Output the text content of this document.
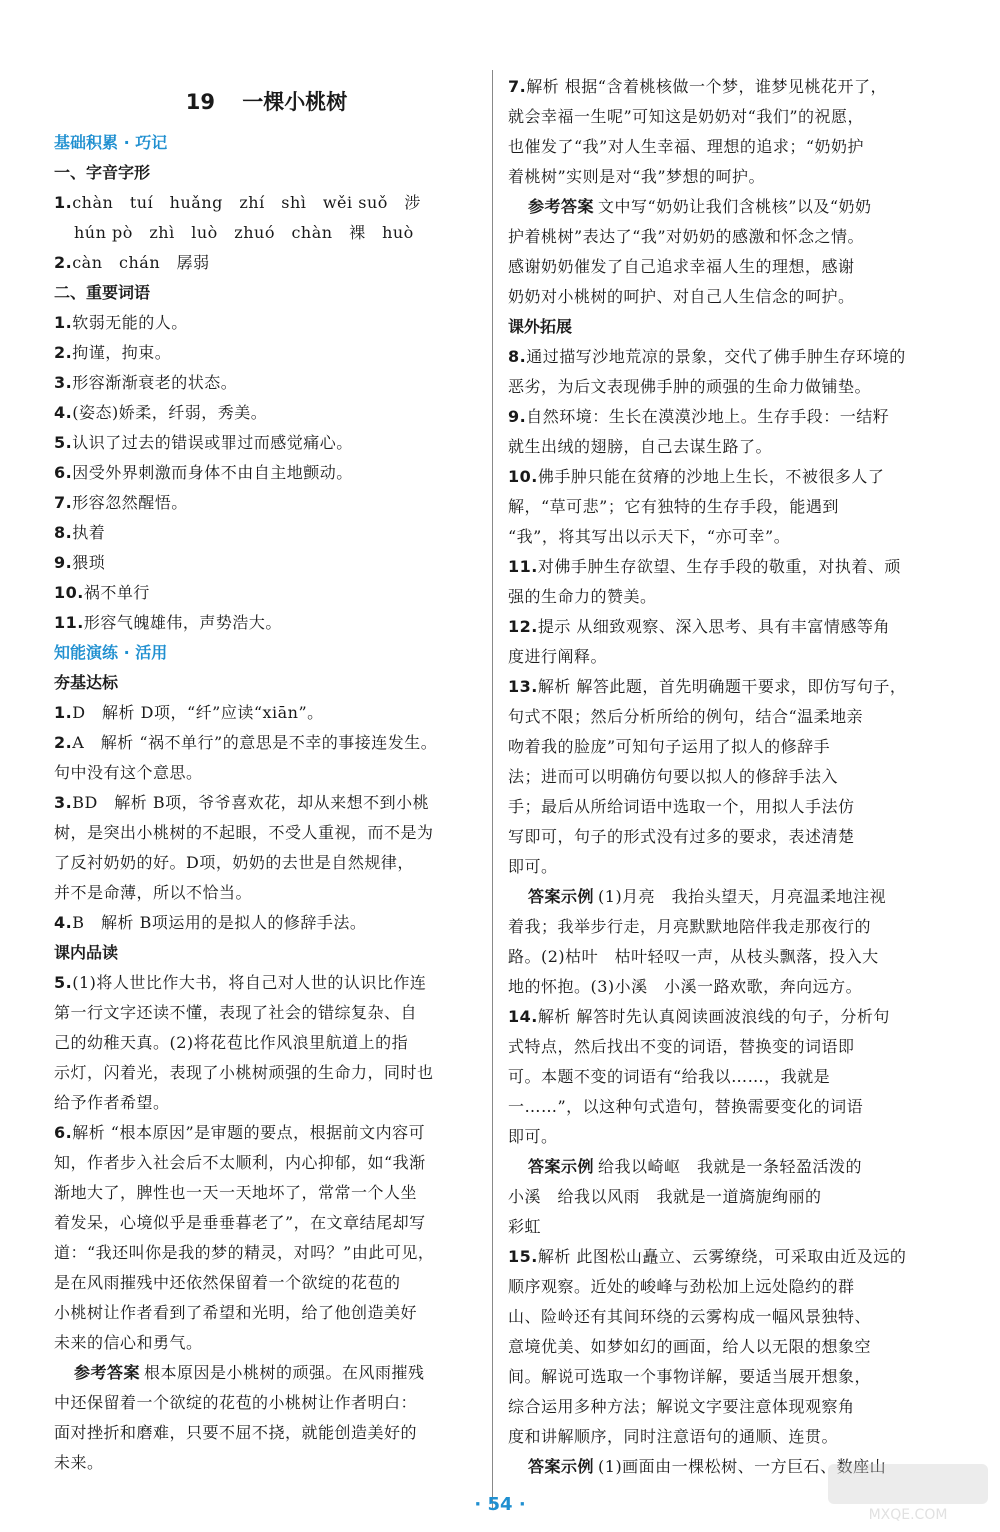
19 一棵小桃树
基础积累 · 巧记
一、字音字形
1.chàn　tuí　huǎng　zhí　shì　wěi suǒ　涉
hún pò　zhì　luò　zhuó　chàn　裸　huò
2.càn　chán　孱弱
二、重要词语
1.软弱无能的人。
2.拘谨，拘束。
3.形容渐渐衰老的状态。
4.(姿态)娇柔，纤弱，秀美。
5.认识了过去的错误或罪过而感觉痛心。
6.因受外界刺激而身体不由自主地颤动。
7.形容忽然醒悟。
8.执着
9.猥琐
10.祸不单行
11.形容气魄雄伟，声势浩大。
知能演练 · 活用
夯基达标
1.D　解析 D项，“纤”应读“xiān”。
2.A　解析 “祸不单行”的意思是不幸的事接连发生。
句中没有这个意思。
3.BD　解析 B项，爷爷喜欢花，却从来想不到小桃
树，是突出小桃树的不起眼，不受人重视，而不是为
了反衬奶奶的好。D项，奶奶的去世是自然规律，
并不是命薄，所以不恰当。
4.B　解析 B项运用的是拟人的修辞手法。
课内品读
5.(1)将人世比作大书，将自己对人世的认识比作连
第一行文字还读不懂，表现了社会的错综复杂、自
己的幼稚天真。(2)将花苞比作风浪里航道上的指
示灯，闪着光，表现了小桃树顽强的生命力，同时也
给予作者希望。
6.解析 “根本原因”是审题的要点，根据前文内容可
知，作者步入社会后不太顺利，内心抑郁，如“我渐
渐地大了，脾性也一天一天地坏了，常常一个人坐
着发呆，心境似乎是垂垂暮老了”，在文章结尾却写
道：“我还叫你是我的梦的精灵，对吗？”由此可见，
是在风雨摧残中还依然保留着一个欲绽的花苞的
小桃树让作者看到了希望和光明，给了他创造美好
未来的信心和勇气。
参考答案 根本原因是小桃树的顽强。在风雨摧残
中还保留着一个欲绽的花苞的小桃树让作者明白：
面对挫折和磨难，只要不屈不挠，就能创造美好的
未来。
7.解析 根据“含着桃核做一个梦，谁梦见桃花开了，
就会幸福一生呢”可知这是奶奶对“我们”的祝愿，
也催发了“我”对人生幸福、理想的追求；“奶奶护
着桃树”实则是对“我”梦想的呵护。
参考答案 文中写“奶奶让我们含桃核”以及“奶奶
护着桃树”表达了“我”对奶奶的感激和怀念之情。
感谢奶奶催发了自己追求幸福人生的理想，感谢
奶奶对小桃树的呵护、对自己人生信念的呵护。
课外拓展
8.通过描写沙地荒凉的景象，交代了佛手肿生存环境的
恶劣，为后文表现佛手肿的顽强的生命力做铺垫。
9.自然环境：生长在漠漠沙地上。生存手段：一结籽
就生出绒的翅膀，自己去谋生路了。
10.佛手肿只能在贫瘠的沙地上生长，不被很多人了
解，“草可悲”；它有独特的生存手段，能遇到
“我”，将其写出以示天下，“亦可幸”。
11.对佛手肿生存欲望、生存手段的敬重，对执着、顽
强的生命力的赞美。
12.提示 从细致观察、深入思考、具有丰富情感等角
度进行阐释。
13.解析 解答此题，首先明确题干要求，即仿写句子，
句式不限；然后分析所给的例句，结合“温柔地亲
吻着我的脸庞”可知句子运用了拟人的修辞手
法；进而可以明确仿句要以拟人的修辞手法入
手；最后从所给词语中选取一个，用拟人手法仿
写即可，句子的形式没有过多的要求，表述清楚
即可。
答案示例 (1)月亮　我抬头望天，月亮温柔地注视
着我；我举步行走，月亮默默地陪伴我走那夜行的
路。(2)枯叶　枯叶轻叹一声，从枝头飘落，投入大
地的怀抱。(3)小溪　小溪一路欢歌，奔向远方。
14.解析 解答时先认真阅读画波浪线的句子，分析句
式特点，然后找出不变的词语，替换变的词语即
可。本题不变的词语有“给我以……，我就是
一……”，以这种句式造句，替换需要变化的词语
即可。
答案示例 给我以崎岖　我就是一条轻盈活泼的
小溪　给我以风雨　我就是一道旖旎绚丽的
彩虹
15.解析 此图松山矗立、云雾缭绕，可采取由近及远的
顺序观察。近处的峻峰与劲松加上远处隐约的群
山、险岭还有其间环绕的云雾构成一幅风景独特、
意境优美、如梦如幻的画面，给人以无限的想象空
间。解说可选取一个事物详解，要适当展开想象，
综合运用多种方法；解说文字要注意体现观察角
度和讲解顺序，同时注意语句的通顺、连贯。
答案示例 (1)画面由一棵松树、一方巨石、数座山
· 54 ·	MXQE.COM
